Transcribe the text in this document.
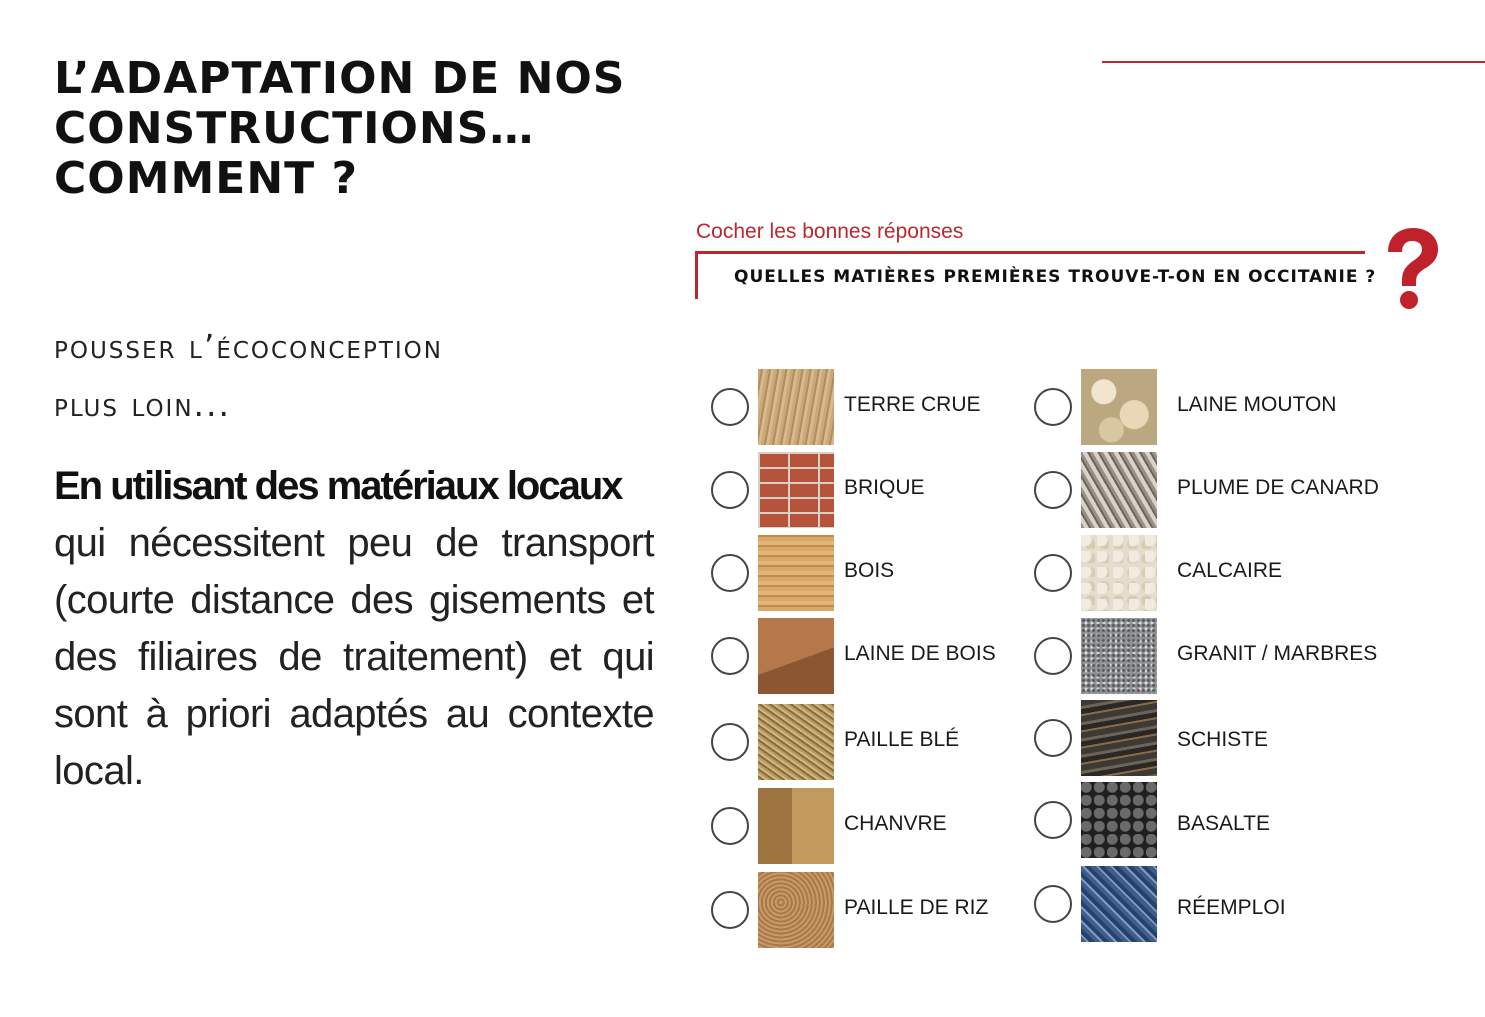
L’ADAPTATION DE NOS CONSTRUCTIONS…
COMMENT ?
pousser l’écoconception
plus loin...
En utilisant des matériaux locaux
qui nécessitent peu de transport (courte distance des gisements et des filiaires de traitement) et qui sont à priori adaptés au contexte local.
Cocher les bonnes réponses
QUELLES MATIÈRES PREMIÈRES TROUVE-T-ON EN OCCITANIE ?
TERRE CRUE
BRIQUE
BOIS
LAINE DE BOIS
PAILLE BLÉ
CHANVRE
PAILLE DE RIZ
LAINE MOUTON
PLUME DE CANARD
CALCAIRE
GRANIT / MARBRES
SCHISTE
BASALTE
RÉEMPLOI
